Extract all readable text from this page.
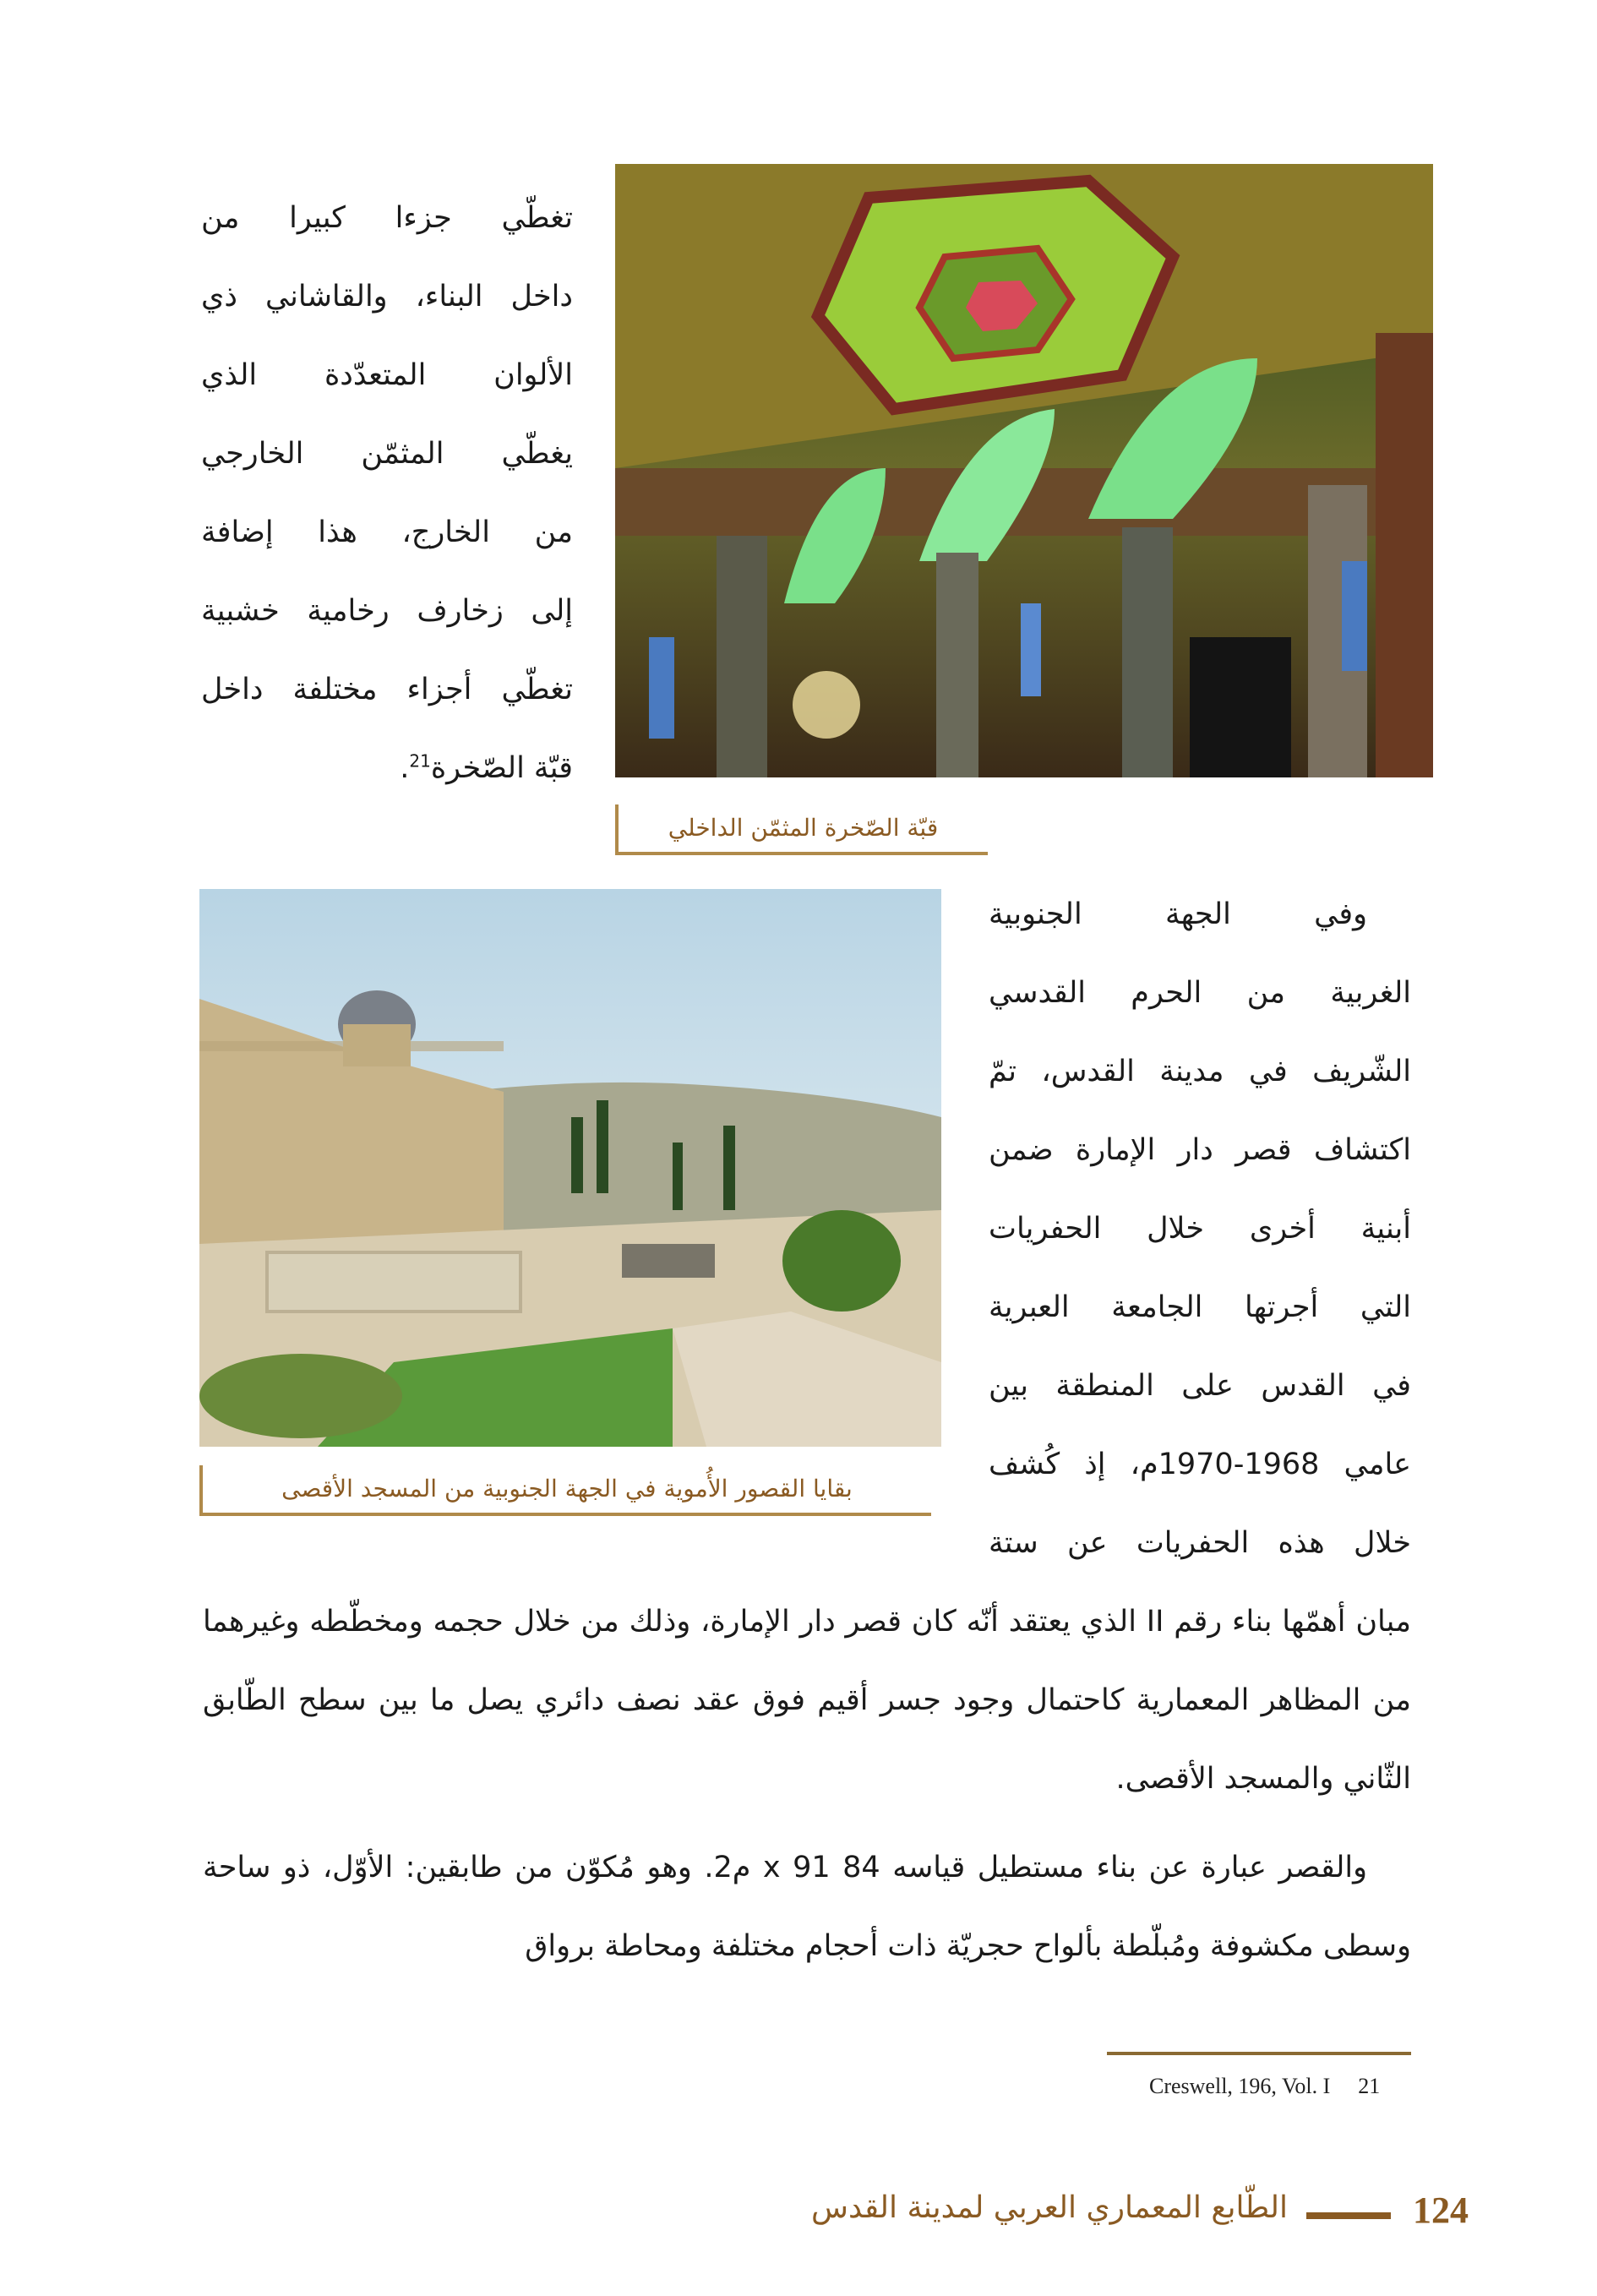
تغطّي جزءا كبيرا من

داخل البناء، والقاشاني ذي

الألوان المتعدّدة الذي

يغطّي المثمّن الخارجي

من الخارج، هذا إضافة

إلى زخارف رخامية خشبية

تغطّي أجزاء مختلفة داخل

قبّة الصّخرة$^{21}$.

قبّة الصّخرة المثمّن الداخلي
بقايا القصور الأُموية في الجهة الجنوبية من المسجد الأقصى

وفي الجهة الجنوبية

الغربية من الحرم القدسي

الشّريف في مدينة القدس، تمّ

اكتشاف قصر دار الإمارة ضمن

أبنية أخرى خلال الحفريات

التي أجرتها الجامعة العبرية

في القدس على المنطقة بين

عامي 1968-1970م، إذ كُشف

خلال هذه الحفريات عن ستة

مبان أهمّها بناء رقم II الذي يعتقد أنّه كان قصر دار الإمارة، وذلك من خلال حجمه ومخطّطه وغيرهما من المظاهر المعمارية كاحتمال وجود جسر أقيم فوق عقد نصف دائري يصل ما بين سطح الطّابق الثّاني والمسجد الأقصى.

والقصر عبارة عن بناء مستطيل قياسه 84 x 91 م2. وهو مُكوّن من طابقين: الأوّل، ذو ساحة وسطى مكشوفة ومُبلّطة بألواح حجريّة ذات أحجام مختلفة ومحاطة برواق

Creswell, 196, Vol. I 21
الطّابع المعماري العربي لمدينة القدس	124
